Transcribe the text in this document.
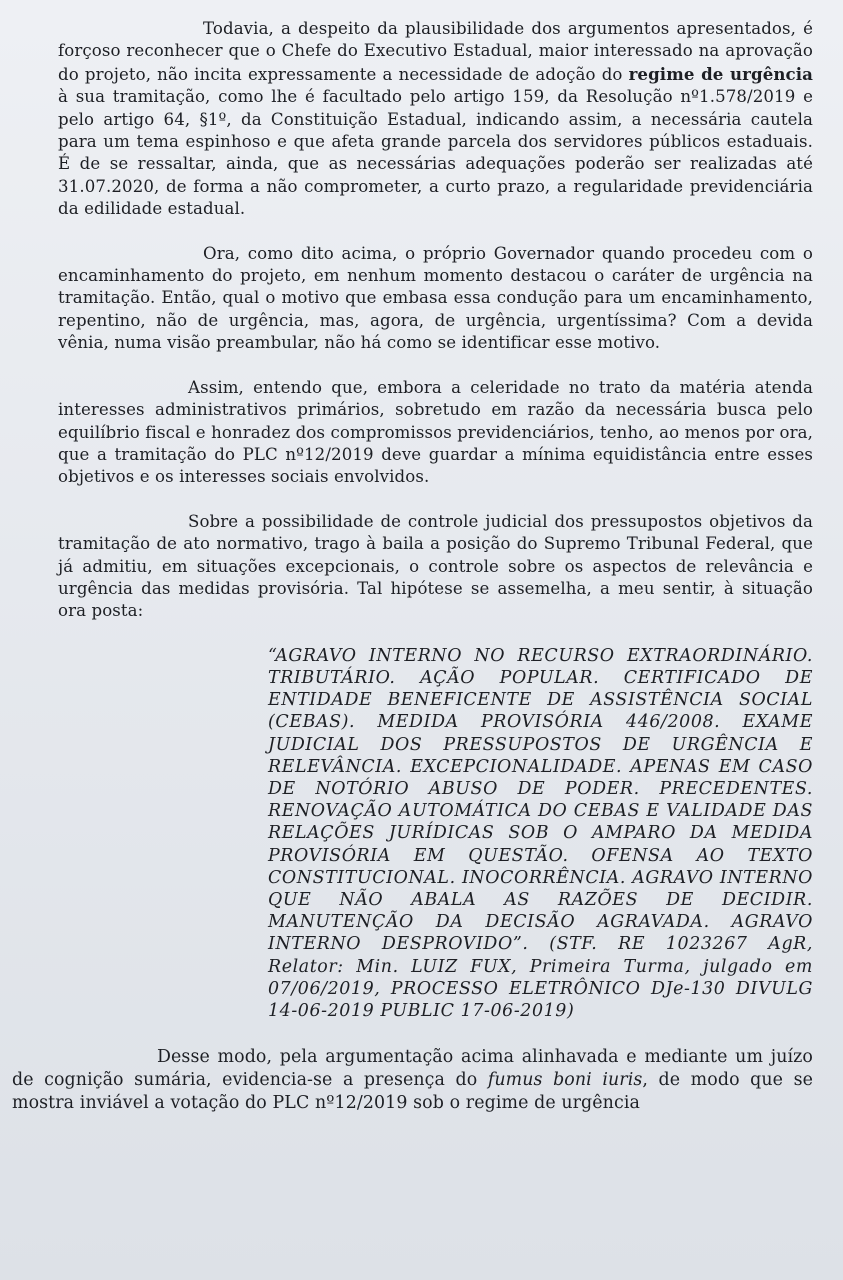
Todavia, a despeito da plausibilidade dos argumentos apresentados, é forçoso reconhecer que o Chefe do Executivo Estadual, maior interessado na aprovação do projeto, não incita expressamente a necessidade de adoção do regime de urgência à sua tramitação, como lhe é facultado pelo artigo 159, da Resolução nº1.578/2019 e pelo artigo 64, §1º, da Constituição Estadual, indicando assim, a necessária cautela para um tema espinhoso e que afeta grande parcela dos servidores públicos estaduais. É de se ressaltar, ainda, que as necessárias adequações poderão ser realizadas até 31.07.2020, de forma a não comprometer, a curto prazo, a regularidade previdenciária da edilidade estadual.

Ora, como dito acima, o próprio Governador quando procedeu com o encaminhamento do projeto, em nenhum momento destacou o caráter de urgência na tramitação. Então, qual o motivo que embasa essa condução para um encaminhamento, repentino, não de urgência, mas, agora, de urgência, urgentíssima? Com a devida vênia, numa visão preambular, não há como se identificar esse motivo.

Assim, entendo que, embora a celeridade no trato da matéria atenda interesses administrativos primários, sobretudo em razão da necessária busca pelo equilíbrio fiscal e honradez dos compromissos previdenciários, tenho, ao menos por ora, que a tramitação do PLC nº12/2019 deve guardar a mínima equidistância entre esses objetivos e os interesses sociais envolvidos.

Sobre a possibilidade de controle judicial dos pressupostos objetivos da tramitação de ato normativo, trago à baila a posição do Supremo Tribunal Federal, que já admitiu, em situações excepcionais, o controle sobre os aspectos de relevância e urgência das medidas provisória. Tal hipótese se assemelha, a meu sentir, à situação ora posta:

“AGRAVO INTERNO NO RECURSO EXTRAORDINÁRIO. TRIBUTÁRIO. AÇÃO POPULAR. CERTIFICADO DE ENTIDADE BENEFICENTE DE ASSISTÊNCIA SOCIAL (CEBAS). MEDIDA PROVISÓRIA 446/2008. EXAME JUDICIAL DOS PRESSUPOSTOS DE URGÊNCIA E RELEVÂNCIA. EXCEPCIONALIDADE. APENAS EM CASO DE NOTÓRIO ABUSO DE PODER. PRECEDENTES. RENOVAÇÃO AUTOMÁTICA DO CEBAS E VALIDADE DAS RELAÇÕES JURÍDICAS SOB O AMPARO DA MEDIDA PROVISÓRIA EM QUESTÃO. OFENSA AO TEXTO CONSTITUCIONAL. INOCORRÊNCIA. AGRAVO INTERNO QUE NÃO ABALA AS RAZÕES DE DECIDIR. MANUTENÇÃO DA DECISÃO AGRAVADA. AGRAVO INTERNO DESPROVIDO”. (STF. RE 1023267 AgR, Relator: Min. LUIZ FUX, Primeira Turma, julgado em 07/06/2019, PROCESSO ELETRÔNICO DJe-130 DIVULG 14-06-2019 PUBLIC 17-06-2019)

Desse modo, pela argumentação acima alinhavada e mediante um juízo de cognição sumária, evidencia-se a presença do fumus boni iuris, de modo que se mostra inviável a votação do PLC nº12/2019 sob o regime de urgência
